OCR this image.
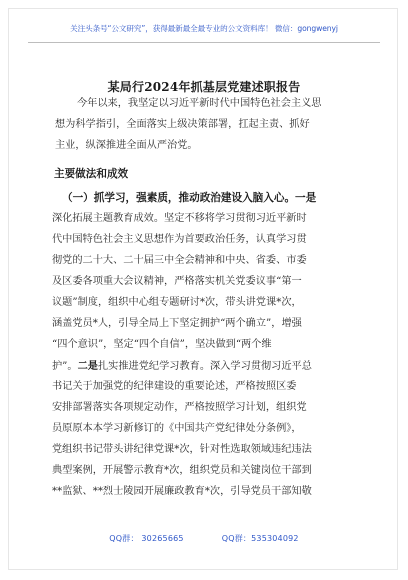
关注头条号“公文研究”，获得最新最全最专业的公文资料库！ 微信：gongwenyj
某局行2024年抓基层党建述职报告
今年以来，我坚定以习近平新时代中国特色社会主义思
想为科学指引，全面落实上级决策部署，扛起主责、抓好
主业，纵深推进全面从严治党。
主要做法和成效
（一）抓学习，强素质，推动政治建设入脑入心。一是
深化拓展主题教育成效。坚定不移将学习贯彻习近平新时
代中国特色社会主义思想作为首要政治任务，认真学习贯
彻党的二十大、二十届三中全会精神和中央、省委、市委
及区委各项重大会议精神，严格落实机关党委议事“第一
议题”制度，组织中心组专题研讨*次，带头讲党课*次，
涵盖党员*人，引导全局上下坚定拥护“两个确立”，增强
“四个意识”，坚定“四个自信”，坚决做到“两个维
护”。二是扎实推进党纪学习教育。深入学习贯彻习近平总
书记关于加强党的纪律建设的重要论述，严格按照区委
安排部署落实各项规定动作，严格按照学习计划，组织党
员原原本本学习新修订的《中国共产党纪律处分条例》，
党组织书记带头讲纪律党课*次，针对性选取领域违纪违法
典型案例，开展警示教育*次，组织党员和关键岗位干部到
**监狱、**烈士陵园开展廉政教育*次，引导党员干部知敬
QQ群： 30265665	QQ群：535304092
